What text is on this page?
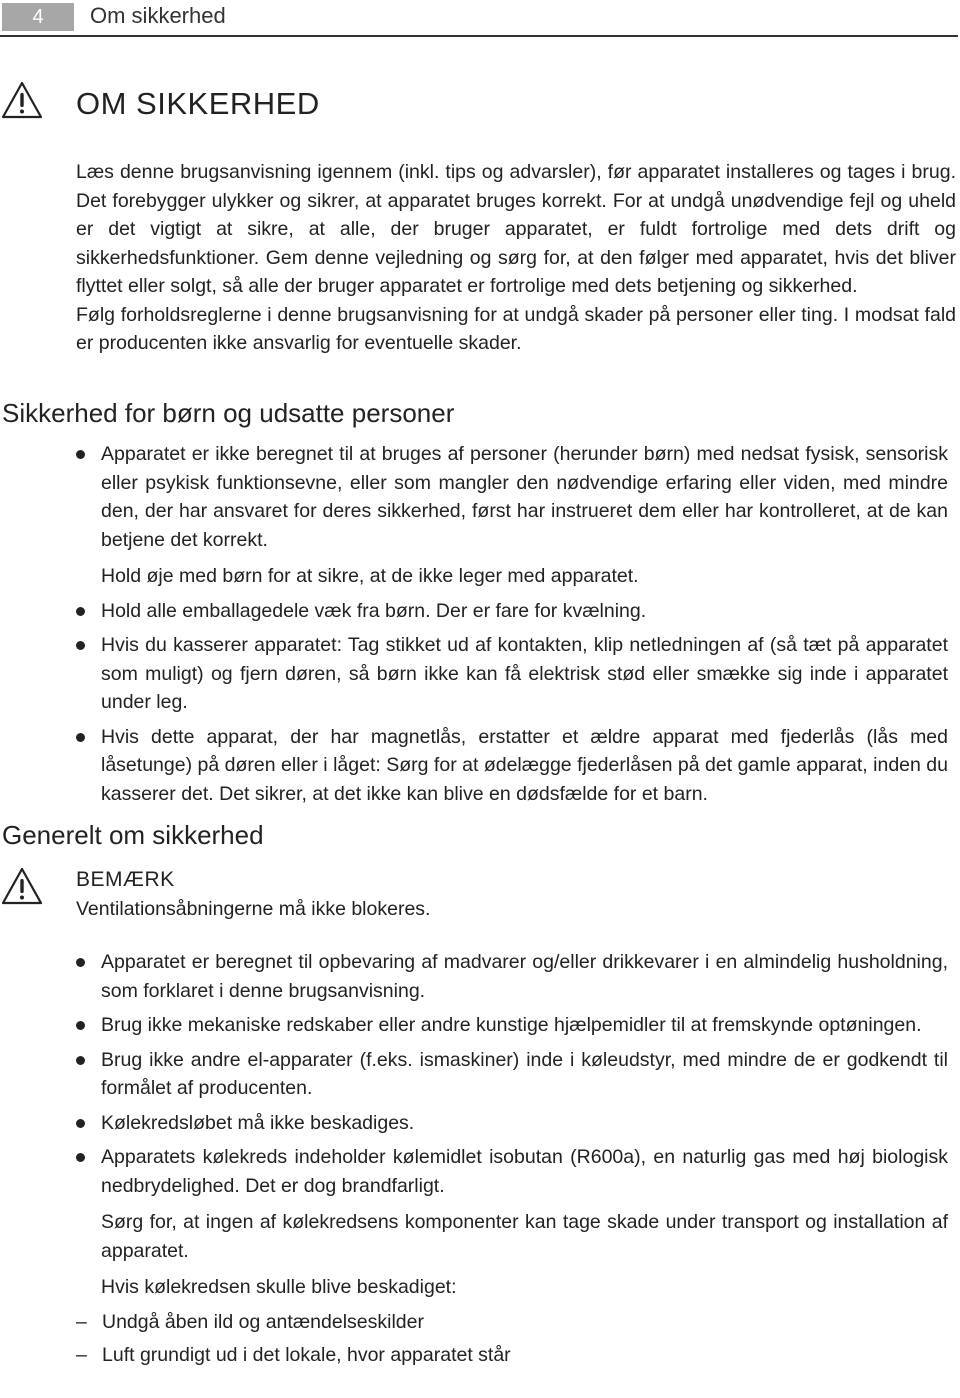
4	Om sikkerhed
OM SIKKERHED

Læs denne brugsanvisning igennem (inkl. tips og advarsler), før apparatet installeres og tages i brug. Det forebygger ulykker og sikrer, at apparatet bruges korrekt. For at undgå unødvendige fejl og uheld er det vigtigt at sikre, at alle, der bruger apparatet, er fuldt fortrolige med dets drift og sikkerhedsfunktioner. Gem denne vejledning og sørg for, at den følger med apparatet, hvis det bliver flyttet eller solgt, så alle der bruger apparatet er fortrolige med dets betjening og sikkerhed.

Følg forholdsreglerne i denne brugsanvisning for at undgå skader på personer eller ting. I modsat fald er producenten ikke ansvarlig for eventuelle skader.

Sikkerhed for børn og udsatte personer
Apparatet er ikke beregnet til at bruges af personer (herunder børn) med nedsat fysisk, sensorisk eller psykisk funktionsevne, eller som mangler den nødvendige erfaring eller viden, med mindre den, der har ansvaret for deres sikkerhed, først har instrueret dem eller har kontrolleret, at de kan betjene det korrekt.
Hold øje med børn for at sikre, at de ikke leger med apparatet.
Hold alle emballagedele væk fra børn. Der er fare for kvælning.
Hvis du kasserer apparatet: Tag stikket ud af kontakten, klip netledningen af (så tæt på apparatet som muligt) og fjern døren, så børn ikke kan få elektrisk stød eller smække sig inde i apparatet under leg.
Hvis dette apparat, der har magnetlås, erstatter et ældre apparat med fjederlås (lås med låsetunge) på døren eller i låget: Sørg for at ødelægge fjederlåsen på det gamle apparat, inden du kasserer det. Det sikrer, at det ikke kan blive en dødsfælde for et barn.
Generelt om sikkerhed
BEMÆRK
Ventilationsåbningerne må ikke blokeres.
Apparatet er beregnet til opbevaring af madvarer og/eller drikkevarer i en almindelig husholdning, som forklaret i denne brugsanvisning.
Brug ikke mekaniske redskaber eller andre kunstige hjælpemidler til at fremskynde optøningen.
Brug ikke andre el-apparater (f.eks. ismaskiner) inde i køleudstyr, med mindre de er godkendt til formålet af producenten.
Kølekredsløbet må ikke beskadiges.
Apparatets kølekreds indeholder kølemidlet isobutan (R600a), en naturlig gas med høj biologisk nedbrydelighed. Det er dog brandfarligt.
Sørg for, at ingen af kølekredsens komponenter kan tage skade under transport og installation af apparatet.
Hvis kølekredsen skulle blive beskadiget:
– Undgå åben ild og antændelseskilder
– Luft grundigt ud i det lokale, hvor apparatet står
